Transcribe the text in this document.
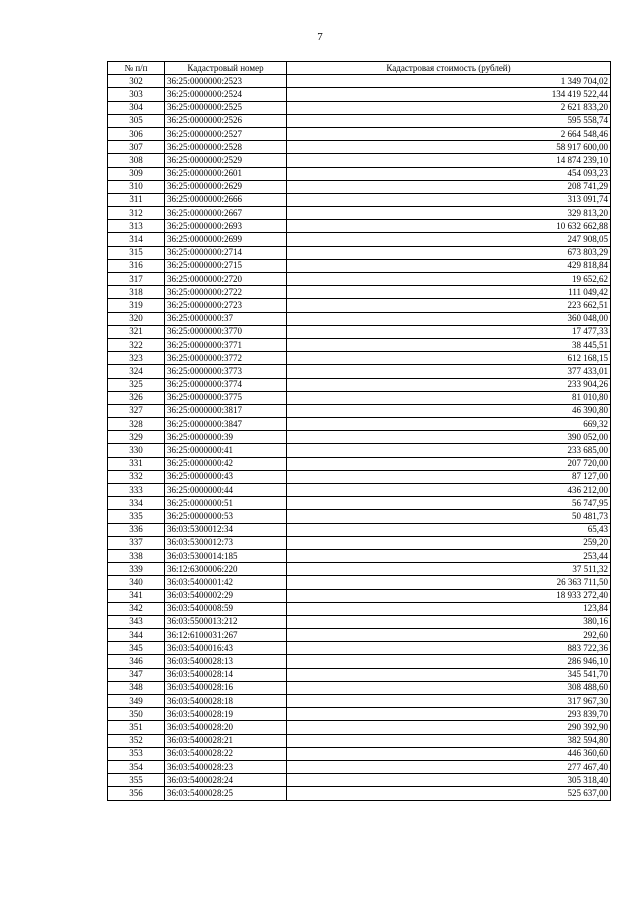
7
№ п/п	Кадастровый номер	Кадастровая стоимость (рублей)
302	36:25:0000000:2523	1 349 704,02
303	36:25:0000000:2524	134 419 522,44
304	36:25:0000000:2525	2 621 833,20
305	36:25:0000000:2526	595 558,74
306	36:25:0000000:2527	2 664 548,46
307	36:25:0000000:2528	58 917 600,00
308	36:25:0000000:2529	14 874 239,10
309	36:25:0000000:2601	454 093,23
310	36:25:0000000:2629	208 741,29
311	36:25:0000000:2666	313 091,74
312	36:25:0000000:2667	329 813,20
313	36:25:0000000:2693	10 632 662,88
314	36:25:0000000:2699	247 908,05
315	36:25:0000000:2714	673 803,29
316	36:25:0000000:2715	429 818,84
317	36:25:0000000:2720	19 652,62
318	36:25:0000000:2722	111 049,42
319	36:25:0000000:2723	223 662,51
320	36:25:0000000:37	360 048,00
321	36:25:0000000:3770	17 477,33
322	36:25:0000000:3771	38 445,51
323	36:25:0000000:3772	612 168,15
324	36:25:0000000:3773	377 433,01
325	36:25:0000000:3774	233 904,26
326	36:25:0000000:3775	81 010,80
327	36:25:0000000:3817	46 390,80
328	36:25:0000000:3847	669,32
329	36:25:0000000:39	390 052,00
330	36:25:0000000:41	233 685,00
331	36:25:0000000:42	207 720,00
332	36:25:0000000:43	87 127,00
333	36:25:0000000:44	436 212,00
334	36:25:0000000:51	56 747,95
335	36:25:0000000:53	50 481,73
336	36:03:5300012:34	65,43
337	36:03:5300012:73	259,20
338	36:03:5300014:185	253,44
339	36:12:6300006:220	37 511,32
340	36:03:5400001:42	26 363 711,50
341	36:03:5400002:29	18 933 272,40
342	36:03:5400008:59	123,84
343	36:03:5500013:212	380,16
344	36:12:6100031:267	292,60
345	36:03:5400016:43	883 722,36
346	36:03:5400028:13	286 946,10
347	36:03:5400028:14	345 541,70
348	36:03:5400028:16	308 488,60
349	36:03:5400028:18	317 967,30
350	36:03:5400028:19	293 839,70
351	36:03:5400028:20	290 392,90
352	36:03:5400028:21	382 594,80
353	36:03:5400028:22	446 360,60
354	36:03:5400028:23	277 467,40
355	36:03:5400028:24	305 318,40
356	36:03:5400028:25	525 637,00
